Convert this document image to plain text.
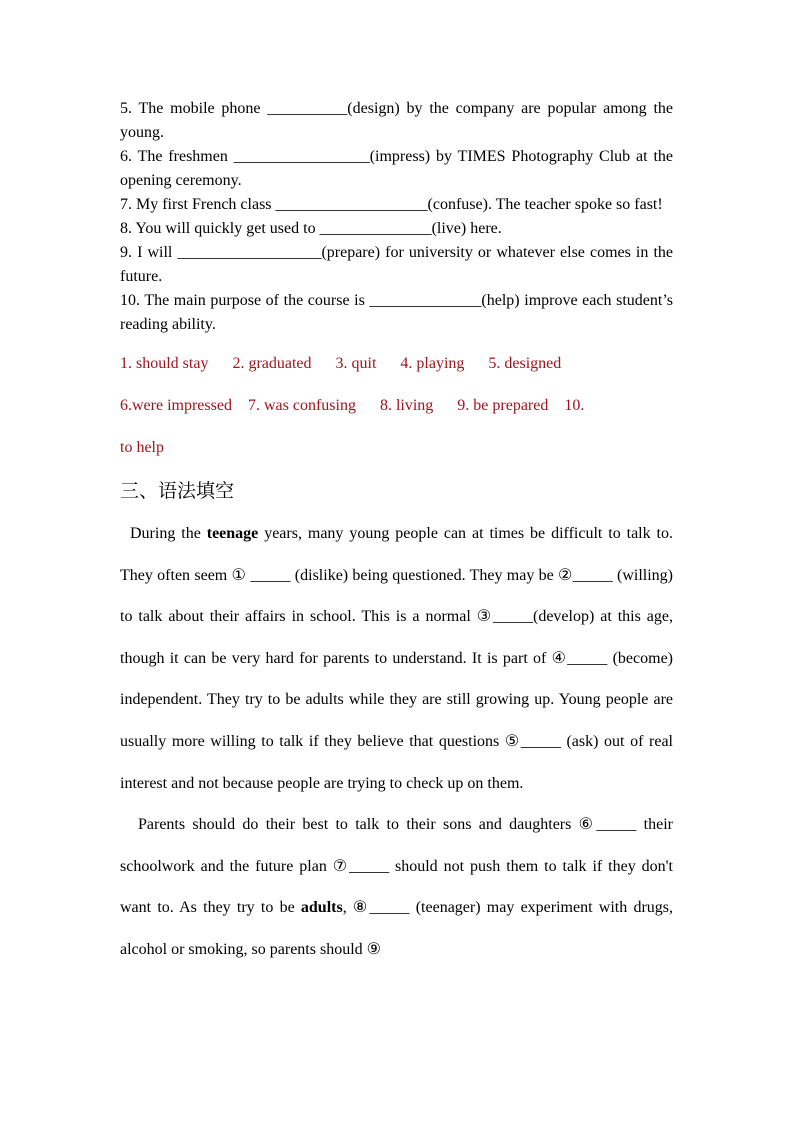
5. The mobile phone __________(design) by the company are popular among the young.

6. The freshmen _________________(impress) by TIMES Photography Club at the opening ceremony.

7. My first French class ___________________(confuse). The teacher spoke so fast!

8. You will quickly get used to ______________(live) here.

9. I will __________________(prepare) for university or whatever else comes in the future.

10. The main purpose of the course is ______________(help) improve each student’s reading ability.

1. should stay      2. graduated      3. quit      4. playing      5. designed
6.were impressed    7. was confusing      8. living      9. be prepared    10.
to help
三、语法填空

During the teenage years, many young people can at times be difficult to talk to. They often seem ① _____ (dislike) being questioned. They may be ②_____ (willing) to talk about their affairs in school. This is a normal ③_____(develop) at this age, though it can be very hard for parents to understand. It is part of ④_____ (become) independent. They try to be adults while they are still growing up. Young people are usually more willing to talk if they believe that questions ⑤_____ (ask) out of real interest and not because people are trying to check up on them.

Parents should do their best to talk to their sons and daughters ⑥_____ their schoolwork and the future plan ⑦_____ should not push them to talk if they don't want to. As they try to be adults, ⑧_____ (teenager) may experiment with drugs, alcohol or smoking, so parents should ⑨
